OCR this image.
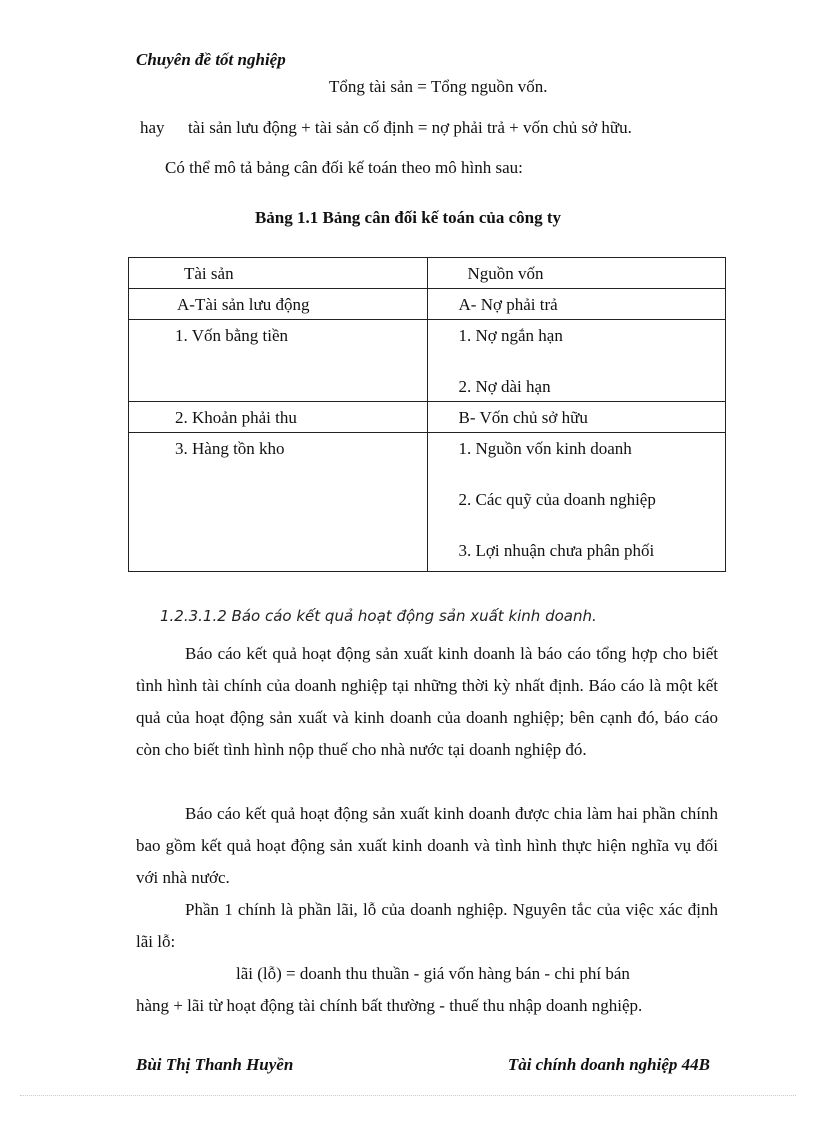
Chuyên đề tốt nghiệp
Tổng tài sản = Tổng nguồn vốn.
hay tài sản lưu động + tài sản cố định = nợ phải trả + vốn chủ sở hữu.
Có thể mô tả bảng cân đối kế toán theo mô hình sau:
Bảng 1.1 Bảng cân đối kế toán của công ty
Tài sản	Nguồn vốn

A-Tài sản lưu động	A- Nợ phải trả

1. Vốn bằng tiền	1. Nợ ngắn hạn
2. Nợ dài hạn

2. Khoản phải thu	B- Vốn chủ sở hữu

3. Hàng tồn kho	1. Nguồn vốn kinh doanh
2. Các quỹ của doanh nghiệp
3. Lợi nhuận chưa phân phối
1.2.3.1.2 Báo cáo kết quả hoạt động sản xuất kinh doanh.
Báo cáo kết quả hoạt động sản xuất kinh doanh là báo cáo tổng hợp cho biết tình hình tài chính của doanh nghiệp tại những thời kỳ nhất định. Báo cáo là một kết quả của hoạt động sản xuất và kinh doanh của doanh nghiệp; bên cạnh đó, báo cáo còn cho biết tình hình nộp thuế cho nhà nước tại doanh nghiệp đó.
Báo cáo kết quả hoạt động sản xuất kinh doanh được chia làm hai phần chính bao gồm kết quả hoạt động sản xuất kinh doanh và tình hình thực hiện nghĩa vụ đối với nhà nước.
Phần 1 chính là phần lãi, lỗ của doanh nghiệp. Nguyên tắc của việc xác định lãi lỗ:
lãi (lỗ) = doanh thu thuần - giá vốn hàng bán - chi phí bán
hàng + lãi từ hoạt động tài chính bất thường - thuế thu nhập doanh nghiệp.
Bùi Thị Thanh Huyền	Tài chính doanh nghiệp 44B
